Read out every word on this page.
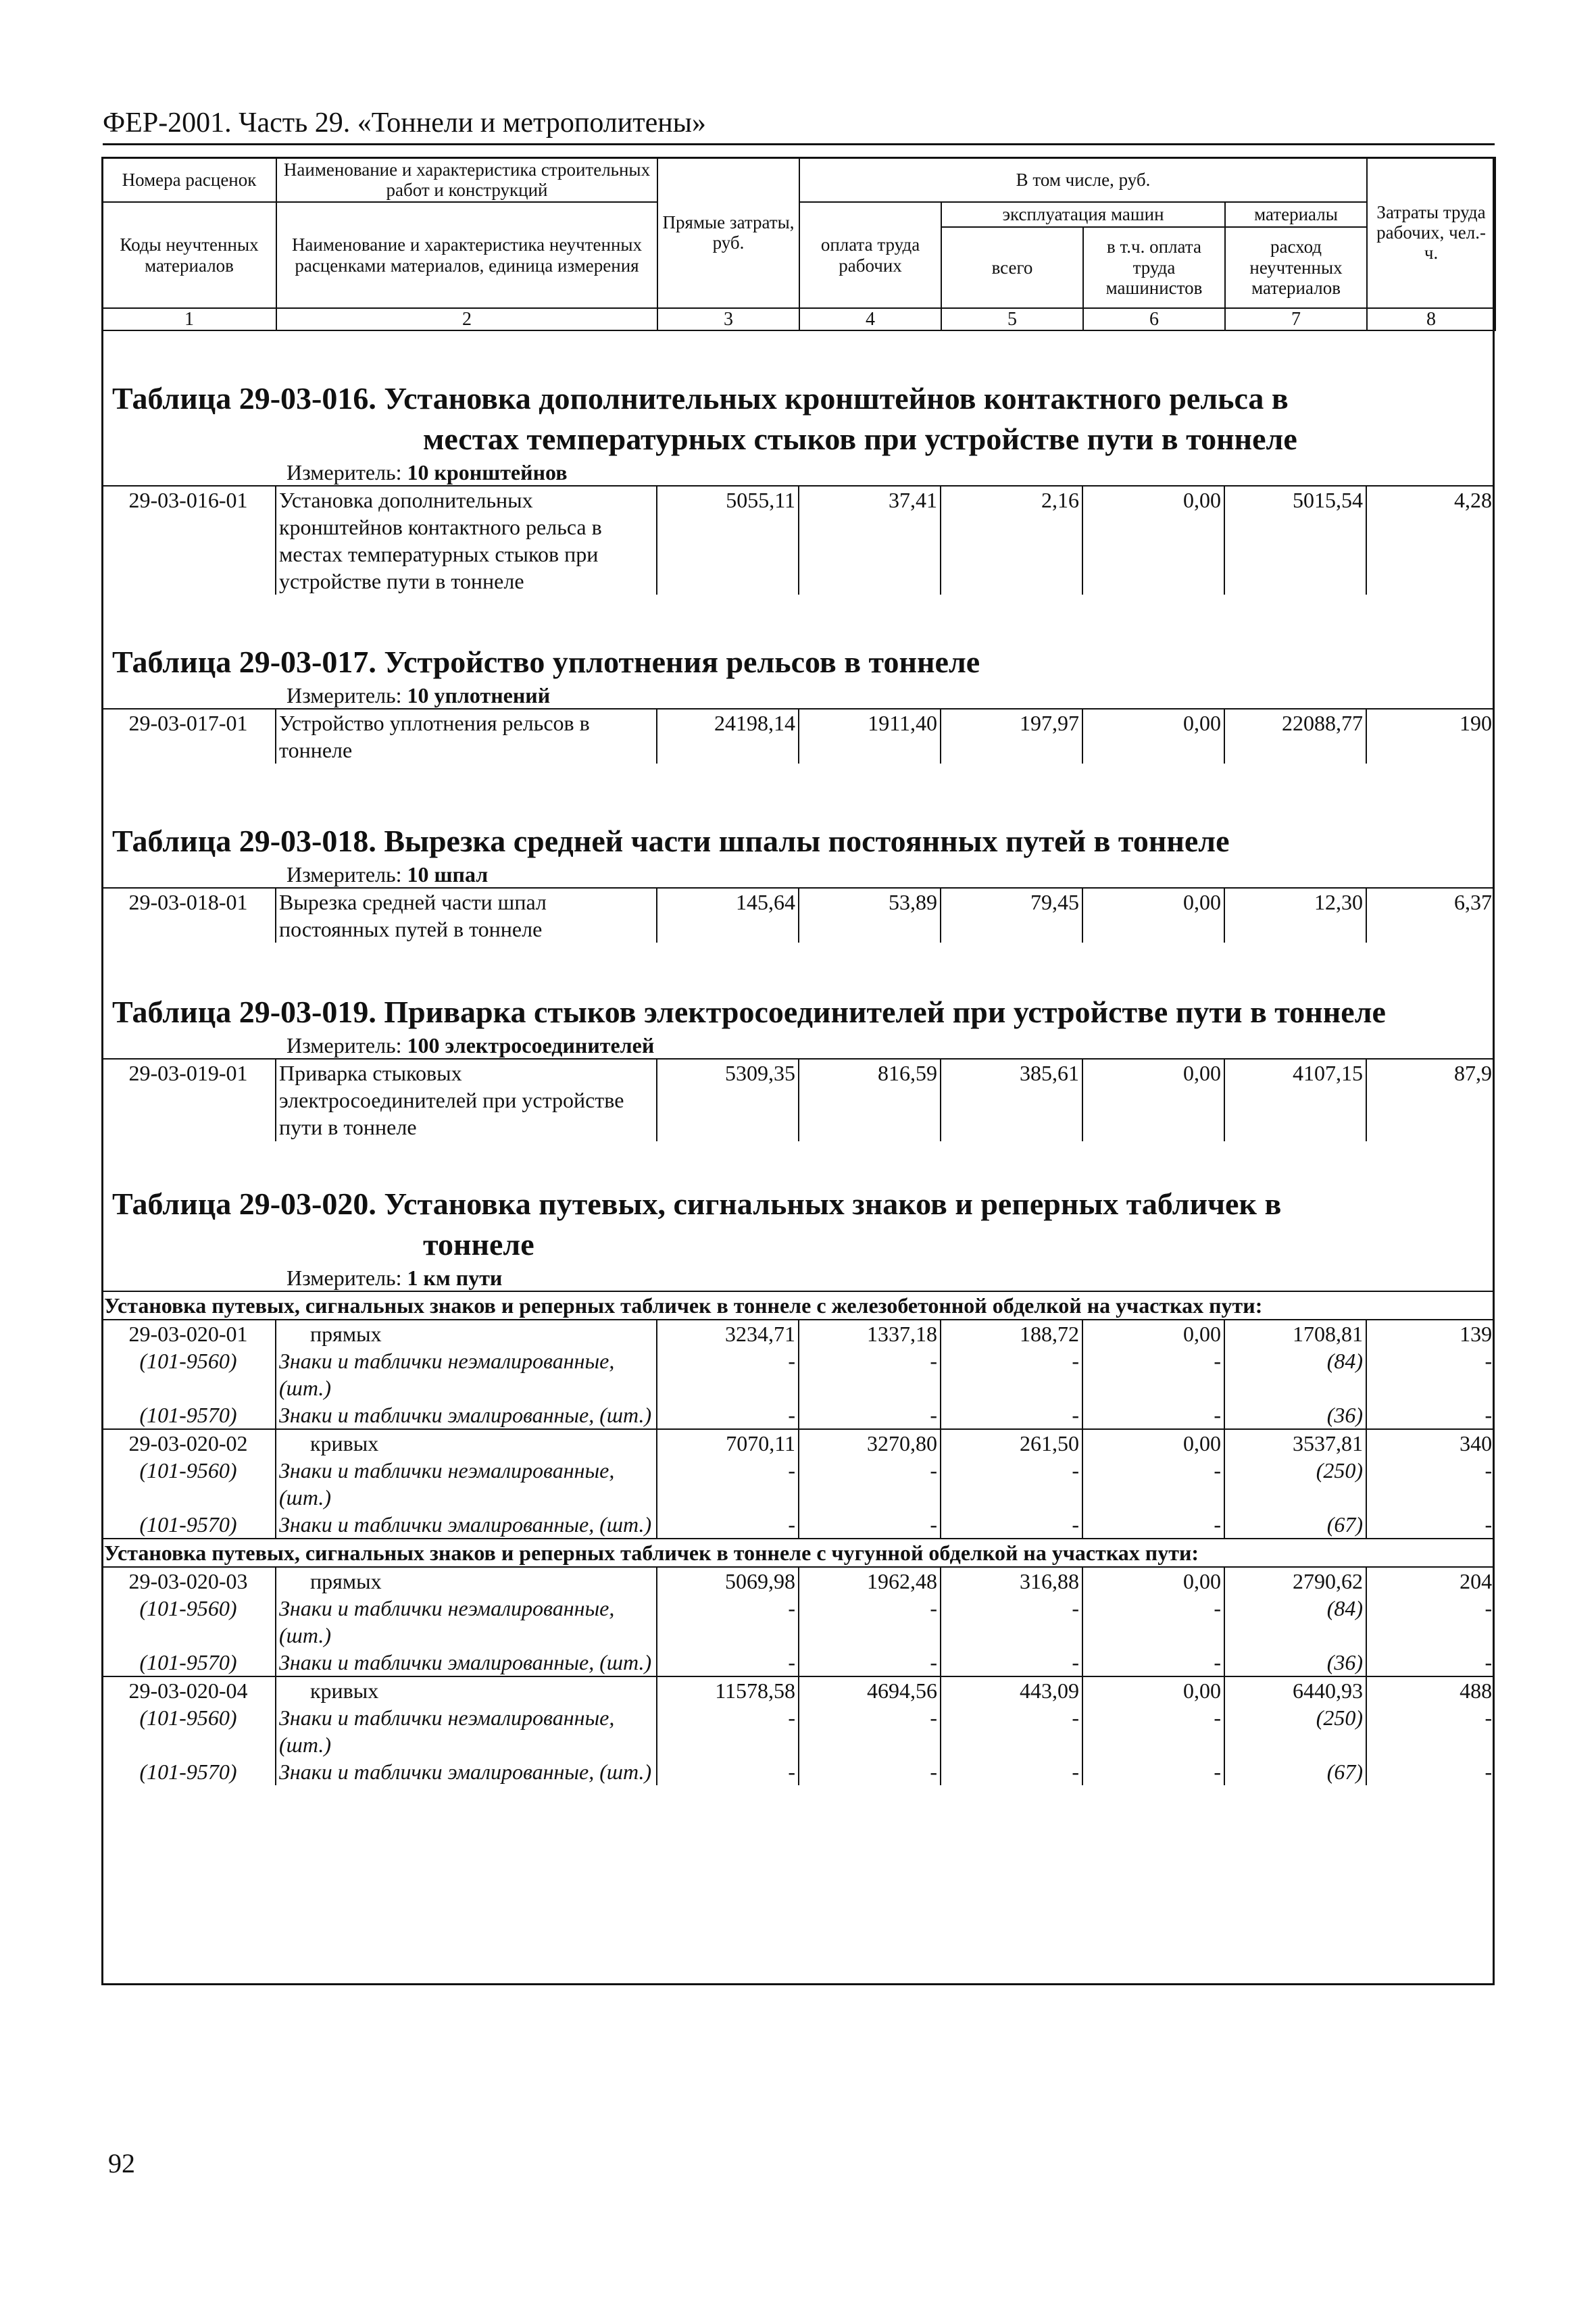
ФЕР-2001. Часть 29. «Тоннели и метрополитены»
Номера расценок	Наименование и характеристика строительных работ и конструкций	Прямые затраты, руб.	В том числе, руб.				Затраты труда рабочих, чел.-ч.
Коды неучтенных материалов	Наименование и характеристика неучтенных расценками материалов, единица измерения		оплата труда рабочих	эксплуатация машин		материалы	
				всего	в т.ч. оплата труда машинистов	расход неучтенных материалов	
1	2	3	4	5	6	7	8
Таблица 29-03-016. Установка дополнительных кронштейнов контактного рельса в
местах температурных стыков при устройстве пути в тоннеле
Измеритель: 10 кронштейнов
29-03-016-01	Установка дополнительных кронштейнов контактного рельса в местах температурных стыков при устройстве пути в тоннеле	5055,11	37,41	2,16	0,00	5015,54	4,28
Таблица 29-03-017. Устройство уплотнения рельсов в тоннеле
Измеритель: 10 уплотнений
29-03-017-01	Устройство уплотнения рельсов в тоннеле	24198,14	1911,40	197,97	0,00	22088,77	190
Таблица 29-03-018. Вырезка средней части шпалы постоянных путей в тоннеле
Измеритель: 10 шпал
29-03-018-01	Вырезка средней части шпал постоянных путей в тоннеле	145,64	53,89	79,45	0,00	12,30	6,37
Таблица 29-03-019. Приварка стыков электросоединителей при устройстве пути в тоннеле
Измеритель: 100 электросоединителей
29-03-019-01	Приварка стыковых электросоединителей при устройстве пути в тоннеле	5309,35	816,59	385,61	0,00	4107,15	87,9
Таблица 29-03-020. Установка путевых, сигнальных знаков и реперных табличек в
тоннеле
Измеритель: 1 км пути
Установка путевых, сигнальных знаков и реперных табличек в тоннеле с железобетонной обделкой на участках пути:							
29-03-020-01	прямых	3234,71	1337,18	188,72	0,00	1708,81	139
(101-9560)	Знаки и таблички неэмалированные, (шт.)	-	-	-	-	(84)	-
(101-9570)	Знаки и таблички эмалированные, (шт.)	-	-	-	-	(36)	-
29-03-020-02	кривых	7070,11	3270,80	261,50	0,00	3537,81	340
(101-9560)	Знаки и таблички неэмалированные, (шт.)	-	-	-	-	(250)	-
(101-9570)	Знаки и таблички эмалированные, (шт.)	-	-	-	-	(67)	-
Установка путевых, сигнальных знаков и реперных табличек в тоннеле с чугунной обделкой на участках пути:							
29-03-020-03	прямых	5069,98	1962,48	316,88	0,00	2790,62	204
(101-9560)	Знаки и таблички неэмалированные, (шт.)	-	-	-	-	(84)	-
(101-9570)	Знаки и таблички эмалированные, (шт.)	-	-	-	-	(36)	-
29-03-020-04	кривых	11578,58	4694,56	443,09	0,00	6440,93	488
(101-9560)	Знаки и таблички неэмалированные, (шт.)	-	-	-	-	(250)	-
(101-9570)	Знаки и таблички эмалированные, (шт.)	-	-	-	-	(67)	-
92
